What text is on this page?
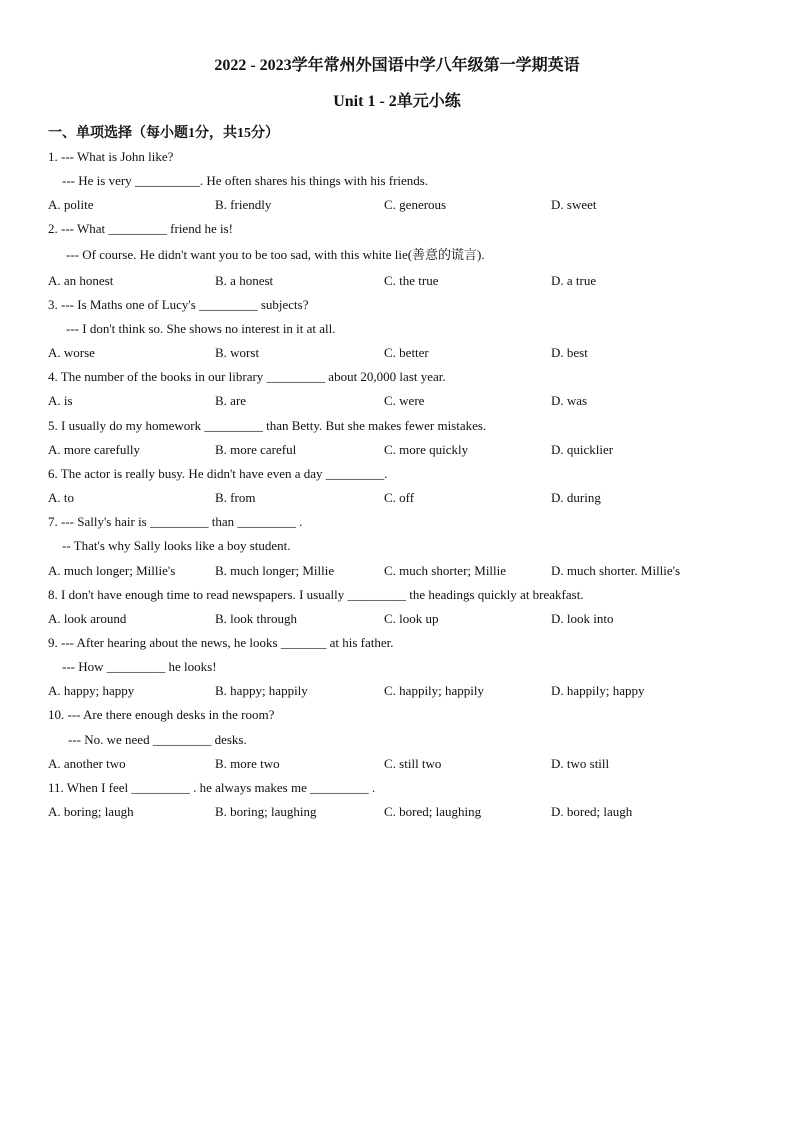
2022 - 2023学年常州外国语中学八年级第一学期英语
Unit 1 - 2单元小练
一、单项选择（每小题1分，共15分）
1. --- What is John like?
--- He is very __________. He often shares his things with his friends.
A. polite	B. friendly	C. generous	D. sweet
2. --- What _________ friend he is!
--- Of course. He didn't want you to be too sad, with this white lie(善意的谎言).
A. an honest	B. a honest	C. the true	D. a true
3. --- Is Maths one of Lucy's _________ subjects?
--- I don't think so. She shows no interest in it at all.
A. worse	B. worst	C. better	D. best
4. The number of the books in our library _________ about 20,000 last year.
A. is	B. are	C. were	D. was
5. I usually do my homework _________ than Betty. But she makes fewer mistakes.
A. more carefully	B. more careful	C. more quickly	D. quicklier
6. The actor is really busy. He didn't have even a day _________.
A. to	B. from	C. off	D. during
7. --- Sally's hair is _________ than _________ .
-- That's why Sally looks like a boy student.
A. much longer; Millie's	B. much longer; Millie	C. much shorter; Millie	D. much shorter. Millie's
8. I don't have enough time to read newspapers. I usually _________ the headings quickly at breakfast.
A. look around	B. look through	C. look up	D. look into
9. --- After hearing about the news, he looks _______ at his father.
--- How _________ he looks!
A. happy; happy	B. happy; happily	C. happily; happily	D. happily; happy
10. --- Are there enough desks in the room?
--- No. we need _________ desks.
A. another two	B. more two	C. still two	D. two still
11. When I feel _________ . he always makes me _________ .
A. boring; laugh	B. boring; laughing	C. bored; laughing	D. bored; laugh
